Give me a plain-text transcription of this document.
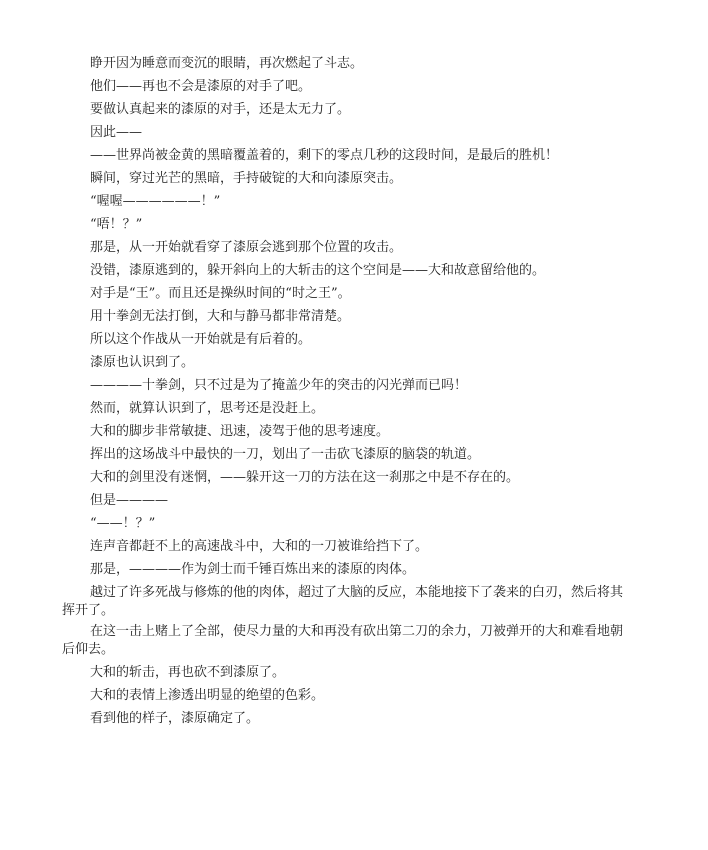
睁开因为睡意而变沉的眼睛，再次燃起了斗志。

他们——再也不会是漆原的对手了吧。

要做认真起来的漆原的对手，还是太无力了。

因此——

——世界尚被金黄的黑暗覆盖着的，剩下的零点几秒的这段时间，是最后的胜机！

瞬间，穿过光芒的黑暗，手持破锭的大和向漆原突击。

“喔喔——————！”

“唔！？”

那是，从一开始就看穿了漆原会逃到那个位置的攻击。

没错，漆原逃到的，躲开斜向上的大斩击的这个空间是——大和故意留给他的。

对手是“王”。而且还是操纵时间的“时之王”。

用十拳剑无法打倒，大和与静马都非常清楚。

所以这个作战从一开始就是有后着的。

漆原也认识到了。

————十拳剑，只不过是为了掩盖少年的突击的闪光弹而已吗！

然而，就算认识到了，思考还是没赶上。

大和的脚步非常敏捷、迅速，凌驾于他的思考速度。

挥出的这场战斗中最快的一刀，划出了一击砍飞漆原的脑袋的轨道。

大和的剑里没有迷惘，——躲开这一刀的方法在这一刹那之中是不存在的。

但是————

“——！？”

连声音都赶不上的高速战斗中，大和的一刀被谁给挡下了。

那是，————作为剑士而千锤百炼出来的漆原的肉体。

越过了许多死战与修炼的他的肉体，超过了大脑的反应，本能地接下了袭来的白刃，然后将其挥开了。

在这一击上赌上了全部，使尽力量的大和再没有砍出第二刀的余力，刀被弹开的大和难看地朝后仰去。

大和的斩击，再也砍不到漆原了。

大和的表情上渗透出明显的绝望的色彩。

看到他的样子，漆原确定了。
